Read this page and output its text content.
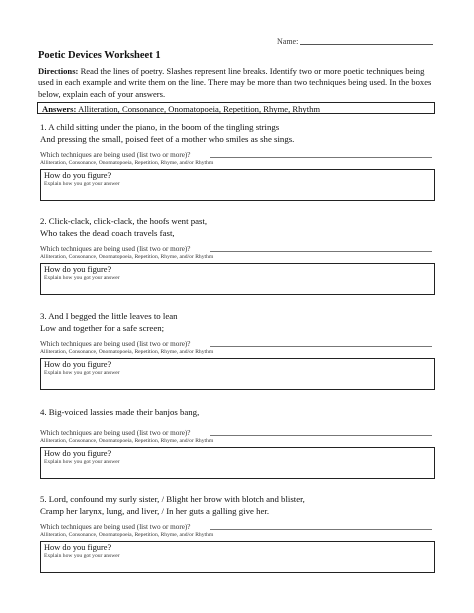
Name:
Poetic Devices Worksheet 1
Directions: Read the lines of poetry. Slashes represent line breaks. Identify two or more poetic techniques being used in each example and write them on the line. There may be more than two techniques being used. In the boxes below, explain each of your answers.
Answers: Alliteration, Consonance, Onomatopoeia, Repetition, Rhyme, Rhythm
1. A child sitting under the piano, in the boom of the tingling strings
And pressing the small, poised feet of a mother who smiles as she sings.
Which techniques are being used (list two or more)?
Alliteration, Consonance, Onomatopoeia, Repetition, Rhyme, and/or Rhythm
How do you figure?
Explain how you got your answer
2. Click-clack, click-clack, the hoofs went past,
Who takes the dead coach travels fast,
Which techniques are being used (list two or more)?
Alliteration, Consonance, Onomatopoeia, Repetition, Rhyme, and/or Rhythm
How do you figure?
Explain how you got your answer
3. And I begged the little leaves to lean
Low and together for a safe screen;
Which techniques are being used (list two or more)?
Alliteration, Consonance, Onomatopoeia, Repetition, Rhyme, and/or Rhythm
How do you figure?
Explain how you got your answer
4. Big-voiced lassies made their banjos bang,
Which techniques are being used (list two or more)?
Alliteration, Consonance, Onomatopoeia, Repetition, Rhyme, and/or Rhythm
How do you figure?
Explain how you got your answer
5. Lord, confound my surly sister, / Blight her brow with blotch and blister,
Cramp her larynx, lung, and liver, / In her guts a galling give her.
Which techniques are being used (list two or more)?
Alliteration, Consonance, Onomatopoeia, Repetition, Rhyme, and/or Rhythm
How do you figure?
Explain how you got your answer
